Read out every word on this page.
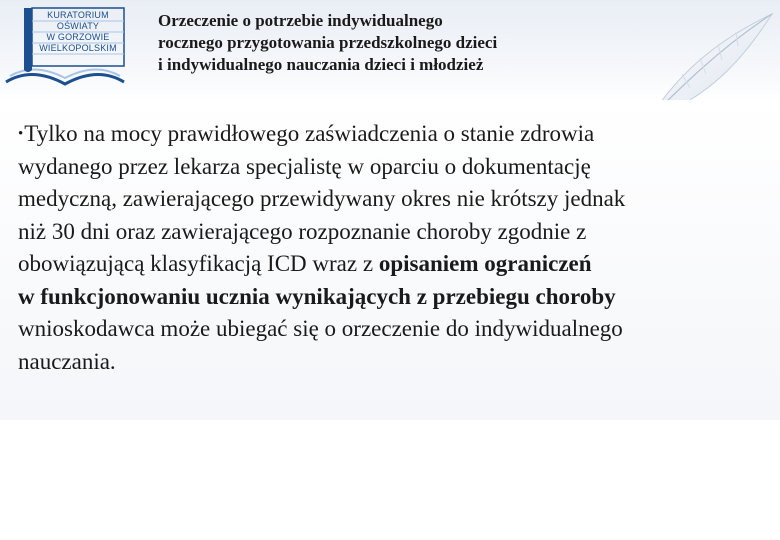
KURATORIUM
OŚWIATY
W GORZOWIE
WIELKOPOLSKIM
Orzeczenie o potrzebie indywidualnego
rocznego przygotowania przedszkolnego dzieci
i indywidualnego nauczania dzieci i młodzież
•Tylko na mocy prawidłowego zaświadczenia o stanie zdrowia
wydanego przez lekarza specjalistę w oparciu o dokumentację
medyczną, zawierającego przewidywany okres nie krótszy jednak
niż 30 dni oraz zawierającego rozpoznanie choroby zgodnie z
obowiązującą klasyfikacją ICD wraz z opisaniem ograniczeń
w funkcjonowaniu ucznia wynikających z przebiegu choroby
wnioskodawca może ubiegać się o orzeczenie do indywidualnego
nauczania.
